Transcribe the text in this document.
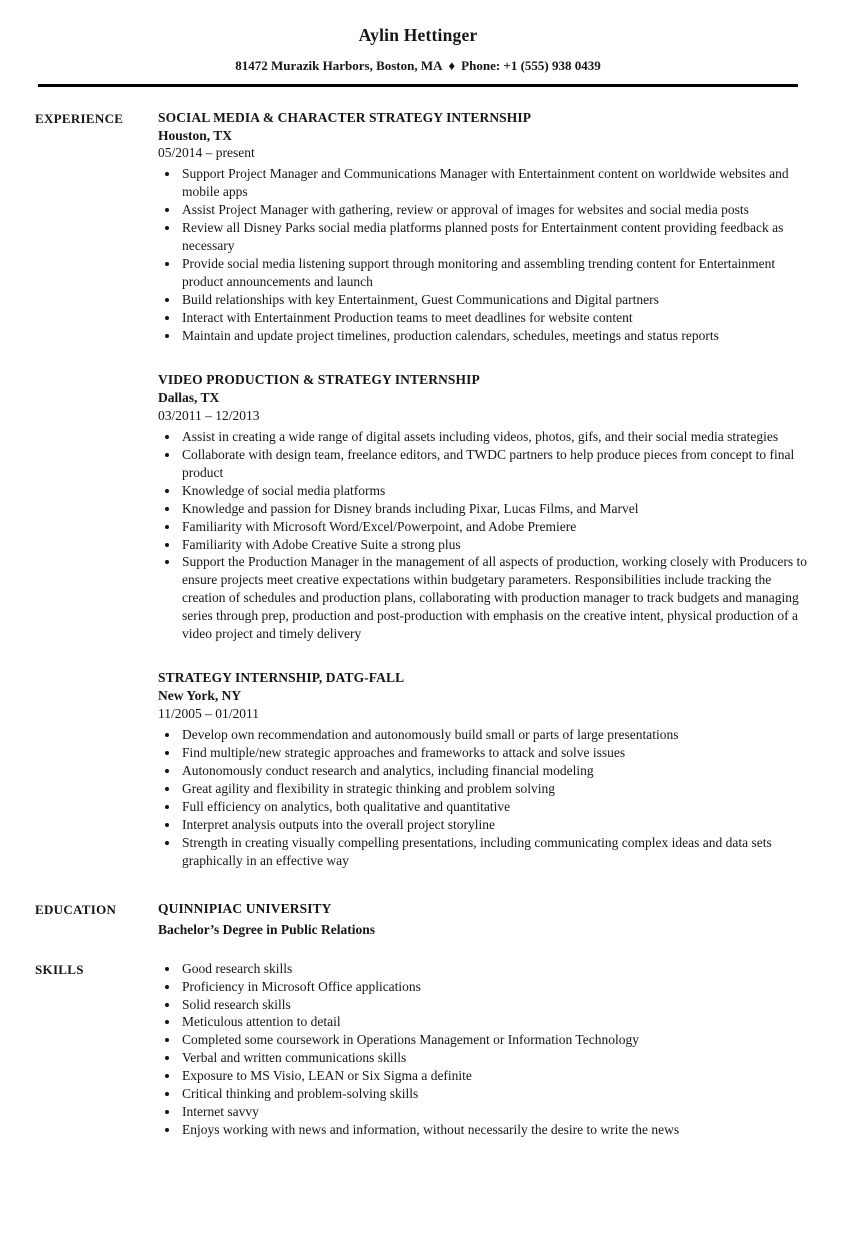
Aylin Hettinger
81472 Murazik Harbors, Boston, MA ♦ Phone: +1 (555) 938 0439
EXPERIENCE	SOCIAL MEDIA & CHARACTER STRATEGY INTERNSHIP
Houston, TX
05/2014 – present
• Support Project Manager and Communications Manager with Entertainment content on worldwide websites and mobile apps
• Assist Project Manager with gathering, review or approval of images for websites and social media posts
• Review all Disney Parks social media platforms planned posts for Entertainment content providing feedback as necessary
• Provide social media listening support through monitoring and assembling trending content for Entertainment product announcements and launch
• Build relationships with key Entertainment, Guest Communications and Digital partners
• Interact with Entertainment Production teams to meet deadlines for website content
• Maintain and update project timelines, production calendars, schedules, meetings and status reports
VIDEO PRODUCTION & STRATEGY INTERNSHIP
Dallas, TX
03/2011 – 12/2013
• Assist in creating a wide range of digital assets including videos, photos, gifs, and their social media strategies
• Collaborate with design team, freelance editors, and TWDC partners to help produce pieces from concept to final product
• Knowledge of social media platforms
• Knowledge and passion for Disney brands including Pixar, Lucas Films, and Marvel
• Familiarity with Microsoft Word/Excel/Powerpoint, and Adobe Premiere
• Familiarity with Adobe Creative Suite a strong plus
• Support the Production Manager in the management of all aspects of production, working closely with Producers to ensure projects meet creative expectations within budgetary parameters. Responsibilities include tracking the creation of schedules and production plans, collaborating with production manager to track budgets and managing series through prep, production and post-production with emphasis on the creative intent, physical production of a video project and timely delivery
STRATEGY INTERNSHIP, DATG-FALL
New York, NY
11/2005 – 01/2011
• Develop own recommendation and autonomously build small or parts of large presentations
• Find multiple/new strategic approaches and frameworks to attack and solve issues
• Autonomously conduct research and analytics, including financial modeling
• Great agility and flexibility in strategic thinking and problem solving
• Full efficiency on analytics, both qualitative and quantitative
• Interpret analysis outputs into the overall project storyline
• Strength in creating visually compelling presentations, including communicating complex ideas and data sets graphically in an effective way
EDUCATION	QUINNIPIAC UNIVERSITY
Bachelor’s Degree in Public Relations
SKILLS	• Good research skills
• Proficiency in Microsoft Office applications
• Solid research skills
• Meticulous attention to detail
• Completed some coursework in Operations Management or Information Technology
• Verbal and written communications skills
• Exposure to MS Visio, LEAN or Six Sigma a definite
• Critical thinking and problem-solving skills
• Internet savvy
• Enjoys working with news and information, without necessarily the desire to write the news
